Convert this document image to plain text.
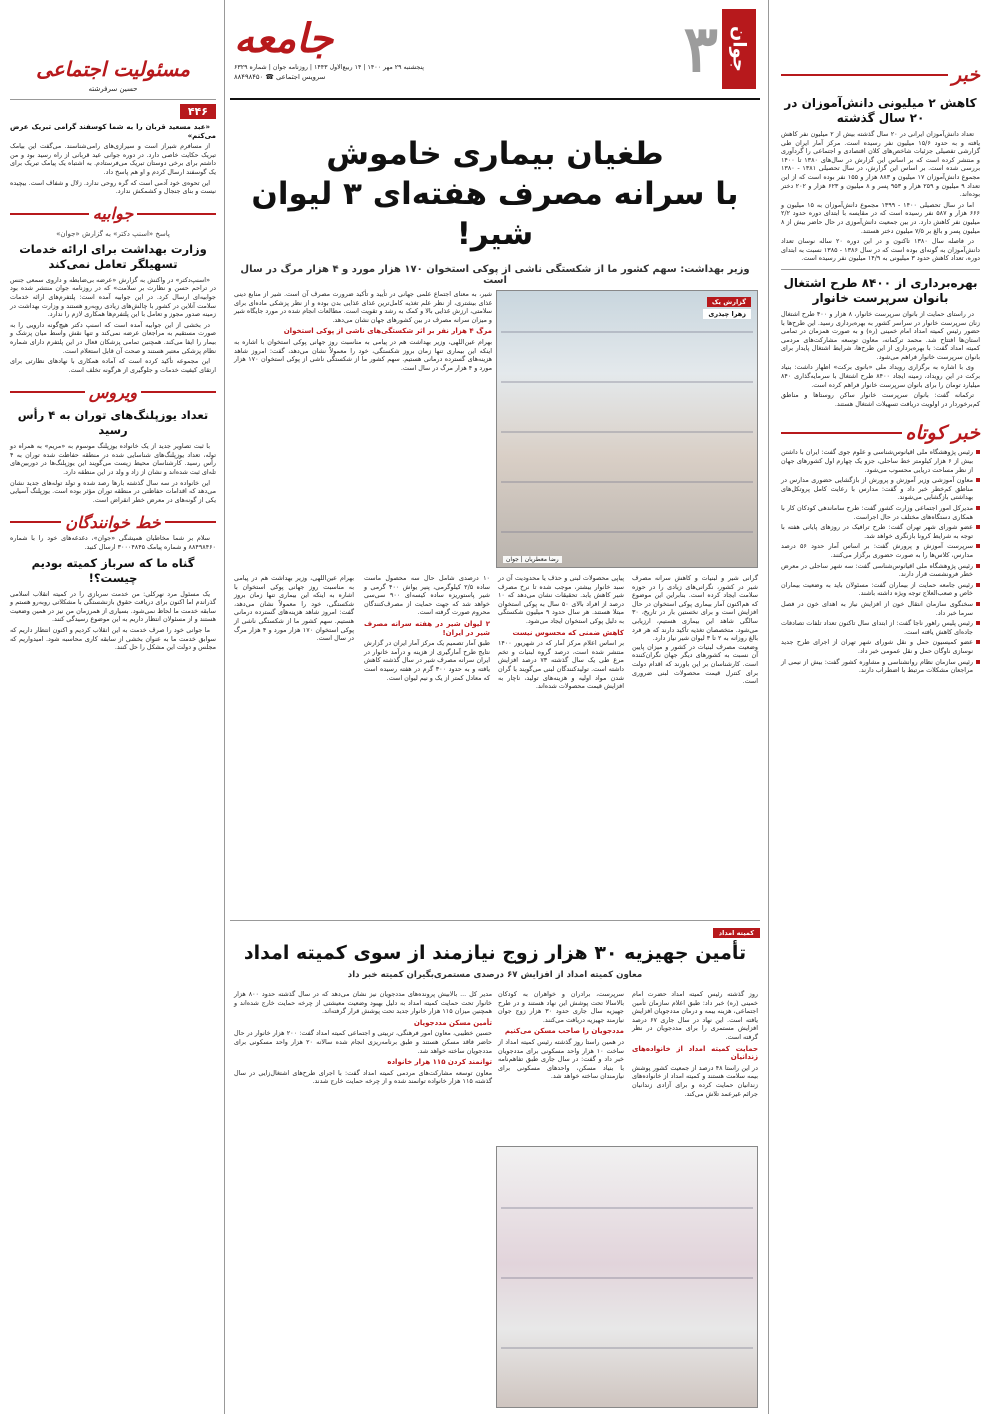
خبر
کاهش ۲ میلیونی دانش‌آموزان در ۲۰ سال گذشته

تعداد دانش‌آموزان ایرانی در ۲۰ سال گذشته بیش از ۲ میلیون نفر کاهش یافته و به حدود ۱۵/۶ میلیون نفر رسیده است. مرکز آمار ایران طی گزارشی تفصیلی جزئیات شاخص‌های کلان اقتصادی و اجتماعی را گردآوری و منتشر کرده است که بر اساس این گزارش در سال‌های ۱۳۸۰ تا ۱۴۰۰ بررسی شده است. بر اساس این گزارش، در سال تحصیلی ۱۳۸۱ - ۱۳۸۰ مجموع دانش‌آموزان ۱۷ میلیون و ۸۸۳ هزار و ۱۵۵ نفر بوده است که از این تعداد ۹ میلیون و ۲۵۹ هزار و ۹۵۳ پسر و ۸ میلیون و ۶۲۳ هزار و ۲۰۲ دختر بوده‌اند.

اما در سال تحصیلی ۱۴۰۰ - ۱۳۹۹ مجموع دانش‌آموزان به ۱۵ میلیون و ۶۶۶ هزار و ۵۸۷ نفر رسیده است که در مقایسه با ابتدای دوره حدود ۲/۲ میلیون نفر کاهش دارد. در بین جمعیت دانش‌آموزی در حال حاضر بیش از ۸ میلیون پسر و بالغ بر ۷/۵ میلیون دختر هستند.

در فاصله سال ۱۳۸۰ تاکنون و در این دوره ۲۰ ساله نوسان تعداد دانش‌آموزان به گونه‌ای بوده است که در سال ۱۳۸۶ - ۱۳۸۵ نسبت به ابتدای دوره، تعداد کاهش حدود ۳ میلیونی به ۱۴/۹ میلیون نفر رسیده است.

بهره‌برداری از ۸۴۰۰ طرح اشتغال بانوان سرپرست خانوار

در راستای حمایت از بانوان سرپرست خانوار، ۸ هزار و ۴۰۰ طرح اشتغال زنان سرپرست خانوار در سراسر کشور به بهره‌برداری رسید. این طرح‌ها با حضور رئیس کمیته امداد امام خمینی (ره) و به صورت همزمان در تمامی استان‌ها افتتاح شد. محمد ترکمانه، معاون توسعه مشارکت‌های مردمی کمیته امداد گفت: با بهره‌برداری از این طرح‌ها، شرایط اشتغال پایدار برای بانوان سرپرست خانوار فراهم می‌شود.

وی با اشاره به برگزاری رویداد ملی «بانوی برکت» اظهار داشت: بنیاد برکت در این رویداد، زمینه ایجاد ۸۴۰۰ طرح اشتغال با سرمایه‌گذاری ۸۴۰ میلیارد تومان را برای بانوان سرپرست خانوار فراهم کرده است.

ترکمانه گفت: بانوان سرپرست خانوار ساکن روستاها و مناطق کم‌برخوردار در اولویت دریافت تسهیلات اشتغال هستند.

خبر کوتاه
رئیس پژوهشگاه ملی اقیانوس‌شناسی و علوم جوی گفت: ایران با داشتن بیش از ۶ هزار کیلومتر خط ساحلی، جزو یک چهارم اول کشورهای جهان از نظر مساحت دریایی محسوب می‌شود.
معاون آموزشی وزیر آموزش و پرورش از بازگشایی حضوری مدارس در مناطق کم‌خطر خبر داد و گفت: مدارس با رعایت کامل پروتکل‌های بهداشتی بازگشایی می‌شوند.
مدیرکل امور اجتماعی وزارت کشور گفت: طرح ساماندهی کودکان کار با همکاری دستگاه‌های مختلف در حال اجراست.
عضو شورای شهر تهران گفت: طرح ترافیک در روزهای پایانی هفته با توجه به شرایط کرونا بازنگری خواهد شد.
سرپرست آموزش و پرورش گفت: بر اساس آمار حدود ۵۶ درصد مدارس، کلاس‌ها را به صورت حضوری برگزار می‌کنند.
رئیس پژوهشگاه ملی اقیانوس‌شناسی گفت: سه شهر ساحلی در معرض خطر فرونشست قرار دارند.
رئیس جامعه حمایت از بیماران گفت: مسئولان باید به وضعیت بیماران خاص و صعب‌العلاج توجه ویژه داشته باشند.
سخنگوی سازمان انتقال خون از افزایش نیاز به اهدای خون در فصل سرما خبر داد.
رئیس پلیس راهور ناجا گفت: از ابتدای سال تاکنون تعداد تلفات تصادفات جاده‌ای کاهش یافته است.
عضو کمیسیون حمل و نقل شورای شهر تهران از اجرای طرح جدید نوسازی ناوگان حمل و نقل عمومی خبر داد.
رئیس سازمان نظام روانشناسی و مشاوره کشور گفت: بیش از نیمی از مراجعان مشکلات مرتبط با اضطراب دارند.
مسئولیت اجتماعی
حسین سرفرشته
۴۴۶

«عبد مسعید قربان را به شما کوسفند گرامی تبریک عرض می‌کنم»

از مسافرم شیراز است و سیرازی‌های رامی‌شناسند. می‌گفت این بیامک تبریک حکایت خاصی دارد. در دوره جوانی عید قربانی از راه رسید بود و من داشتم برای برخی دوستان تبریک می‌فرستادم. به اشتباه یک پیامک تبریک برای یک گوسفند ارسال کردم و او هم پاسخ داد.

این تحوه‌ی خود آدمی است که گره روحی ندارد. زلال و شفاف است. بیچیده نیست و بنای جنجال و کشمکش ندارد.

جوابیه
پاسخ «اسنپ دکتر» به گزارش «جوان»
وزارت بهداشت برای ارائه خدمات تسهیلگر تعامل نمی‌کند

«اسنپ‌دکتر» در واکنش به گزارش «عرضه بی‌ضابطه و داروی سمعی جنس در تراحم حسن و نظارت بر سلامت» که در روزنامه جوان منتشر شده بود جوابیه‌ای ارسال کرد. در این جوابیه آمده است: پلتفرم‌های ارائه خدمات سلامت آنلاین در کشور با چالش‌های زیادی روبه‌رو هستند و وزارت بهداشت در زمینه صدور مجوز و تعامل با این پلتفرم‌ها همکاری لازم را ندارد.

در بخشی از این جوابیه آمده است که اسنپ دکتر هیچ‌گونه دارویی را به صورت مستقیم به مراجعان عرضه نمی‌کند و تنها نقش واسط میان پزشک و بیمار را ایفا می‌کند. همچنین تمامی پزشکان فعال در این پلتفرم دارای شماره نظام پزشکی معتبر هستند و صحت آن قابل استعلام است.

این مجموعه تأکید کرده است که آماده همکاری با نهادهای نظارتی برای ارتقای کیفیت خدمات و جلوگیری از هرگونه تخلف است.

ویروس
تعداد یوزپلنگ‌های توران به ۴ رأس رسید

با ثبت تصاویر جدید از یک خانواده یوزپلنگ موسوم به «مریم» به همراه دو توله، تعداد یوزپلنگ‌های شناسایی شده در منطقه حفاظت شده توران به ۴ رأس رسید. کارشناسان محیط زیست می‌گویند این یوزپلنگ‌ها در دوربین‌های تله‌ای ثبت شده‌اند و نشان از زاد و ولد در این منطقه دارد.

این خانواده در سه سال گذشته بارها رصد شده و تولد توله‌های جدید نشان می‌دهد که اقدامات حفاظتی در منطقه توران مؤثر بوده است. یوزپلنگ آسیایی یکی از گونه‌های در معرض خطر انقراض است.

خط خوانندگان

سلام بر شما مخاطبان همیشگی «جوان»، دغدغه‌های خود را با شماره ۸۸۴۹۸۴۶۰ و شماره پیامک ۳۰۰۰۴۸۴۵ ارسال کنید.

گناه ما که سرباز کمیته بودیم چیست؟!

یک مسئول مرد نهرکلی: من خدمت سربازی را در کمیته انقلاب اسلامی گذراندم اما اکنون برای دریافت حقوق بازنشستگی با مشکلاتی روبه‌رو هستم و سابقه خدمت ما لحاظ نمی‌شود. بسیاری از همرزمان من نیز در همین وضعیت هستند و از مسئولان انتظار داریم به این موضوع رسیدگی کنند.

ما جوانی خود را صرف خدمت به این انقلاب کردیم و اکنون انتظار داریم که سوابق خدمت ما به عنوان بخشی از سابقه کاری محاسبه شود. امیدواریم که مجلس و دولت این مشکل را حل کنند.

جوان
۳
جامعه
پنجشنبه ۲۹ مهر ۱۴۰۰ | ۱۴ ربیع‌الاول ۱۴۴۳ | روزنامه جوان | شماره ۶۳۲۹
سرویس اجتماعی ☎ ۸۸۴۹۸۴۵۰
طغیان بیماری خاموش
با سرانه مصرف هفته‌ای ۳ لیوان شیر!
وزیر بهداشت: سهم کشور ما از شکستگی ناشی از پوکی استخوان ۱۷۰ هزار مورد و ۴ هزار مرگ در سال است
گزارش یک
زهرا چیذری
رضا معطریان | جوان

شیر، به معنای اجتماع علمی جهانی در تأیید و تأکید ضرورت مصرف آن است. شیر از منابع دینی غذای بیشتری، از نظر علم تغذیه کامل‌ترین غذای غذایی بدن بوده و از نظر پزشکی ماده‌ای برای سلامتی، ارزش غذایی بالا و کمک به رشد و تقویت است. مطالعات انجام شده در مورد جایگاه شیر و میزان سرانه مصرف در بین کشورهای جهان نشان می‌دهد.

مرگ ۴ هزار نفر بر اثر شکستگی‌های ناشی از پوکی استخوان

بهرام عین‌اللهی، وزیر بهداشت هم در پیامی به مناسبت روز جهانی پوکی استخوان با اشاره به اینکه این بیماری تنها زمان بروز شکستگی، خود را معمولاً نشان می‌دهد، گفت: امروز شاهد هزینه‌های گسترده درمانی هستیم. سهم کشور ما از شکستگی ناشی از پوکی استخوان ۱۷۰ هزار مورد و ۴ هزار مرگ در سال است.

گرانی شیر و لبنیات و کاهش سرانه مصرف شیر در کشور، نگرانی‌های زیادی را در حوزه سلامت ایجاد کرده است. بنابراین این موضوع که هم‌اکنون آمار بیماری پوکی استخوان در حال افزایش است و برای نخستین بار در تاریخ، ۳۰ سالگی شاهد این بیماری هستیم، ارزیابی می‌شود. متخصصان تغذیه تأکید دارند که هر فرد بالغ روزانه به ۲ تا ۳ لیوان شیر نیاز دارد.

وضعیت مصرف لبنیات در کشور و میزان پایین آن نسبت به کشورهای دیگر جهان نگران‌کننده است. کارشناسان بر این باورند که اقدام دولت برای کنترل قیمت محصولات لبنی ضروری است.

پیاپی محصولات لبنی و حذف یا محدودیت آن در سبد خانوار بیشتر، موجب شده تا نرخ مصرف شیر کاهش یابد. تحقیقات نشان می‌دهد که ۱۰ درصد از افراد بالای ۵۰ سال به پوکی استخوان مبتلا هستند. هر سال حدود ۹ میلیون شکستگی به دلیل پوکی استخوان ایجاد می‌شود.

کاهش ضمنی که محسوس نیست

بر اساس اعلام مرکز آمار که در شهریور ۱۴۰۰ منتشر شده است، درصد گروه لبنیات و تخم مرغ طی یک سال گذشته ۷۳ درصد افزایش داشته است. تولیدکنندگان لبنی می‌گویند با گران شدن مواد اولیه و هزینه‌های تولید، ناچار به افزایش قیمت محصولات شده‌اند.

۱۰ درصدی شامل حال سه محصول ماست ساده ۲/۵ کیلوگرمی، پنیر یواش ۴۰۰ گرمی و شیر پاستوریزه ساده کیسه‌ای ۹۰۰ سی‌سی خواهد شد که جهت حمایت از مصرف‌کنندگان محروم صورت گرفته است.

۲ لیوان شیر در هفته سرانه مصرف شیر در ایران!

طبق آمار تصمیم یک مرکز آمار ایران در گزارش نتایج طرح آمارگیری از هزینه و درآمد خانوار در ایران سرانه مصرف شیر در سال گذشته کاهش یافته و به حدود ۳۰۰ گرم در هفته رسیده است که معادل کمتر از یک و نیم لیوان است.

بهرام عین‌اللهی، وزیر بهداشت هم در پیامی به مناسبت روز جهانی پوکی استخوان با اشاره به اینکه این بیماری تنها زمان بروز شکستگی، خود را معمولاً نشان می‌دهد، گفت: امروز شاهد هزینه‌های گسترده درمانی هستیم. سهم کشور ما از شکستگی ناشی از پوکی استخوان ۱۷۰ هزار مورد و ۴ هزار مرگ در سال است.

کمیته امداد
تأمین جهیزیه ۳۰ هزار زوج نیازمند از سوی کمیته امداد
معاون کمیته امداد از افزایش ۶۷ درصدی مستمری‌بگیران کمیته خبر داد

روز گذشته رئیس کمیته امداد حضرت امام خمینی (ره) خبر داد: طبق اعلام سازمان تأمین اجتماعی، هزینه بیمه و درمان مددجویان افزایش یافته است. این نهاد در سال جاری ۶۷ درصد افزایش مستمری را برای مددجویان در نظر گرفته است.

حمایت کمیته امداد از خانواده‌های زندانیان

در این راستا ۴۸ درصد از جمعیت کشور پوشش بیمه سلامت هستند و کمیته امداد از خانواده‌های زندانیان حمایت کرده و برای آزادی زندانیان جرائم غیرعمد تلاش می‌کند.

سرپرست، برادران و خواهران به کودکان بالاسالا تحت پوشش این نهاد هستند و در طرح جهیزیه سال جاری حدود ۳۰ هزار زوج جوان نیازمند جهیزیه دریافت می‌کنند.

مددجویان را صاحب مسکن می‌کنیم

در همین راستا روز گذشته رئیس کمیته امداد از ساخت ۱۰ هزار واحد مسکونی برای مددجویان خبر داد و گفت: در سال جاری طبق تفاهم‌نامه با بنیاد مسکن، واحدهای مسکونی برای نیازمندان ساخته خواهد شد.

مدیر کل ... بالابیش پرونده‌های مددجویان نیز نشان می‌دهد که در سال گذشته حدود ۸۰۰ هزار خانوار تحت حمایت کمیته امداد به دلیل بهبود وضعیت معیشتی از چرخه حمایت خارج شده‌اند و همچنین میزان ۱۱۵ هزار خانوار جدید تحت پوشش قرار گرفته‌اند.

تأمین مسکن مددجویان

حسین خطیبی، معاون امور فرهنگی، تربیتی و اجتماعی کمیته امداد گفت: ۲۰۰ هزار خانوار در حال حاضر فاقد مسکن هستند و طبق برنامه‌ریزی انجام شده سالانه ۲۰ هزار واحد مسکونی برای مددجویان ساخته خواهد شد.

توانمند کردن ۱۱۵ هزار خانواده

معاون توسعه مشارکت‌های مردمی کمیته امداد گفت: با اجرای طرح‌های اشتغال‌زایی در سال گذشته ۱۱۵ هزار خانواده توانمند شده و از چرخه حمایت خارج شدند.
